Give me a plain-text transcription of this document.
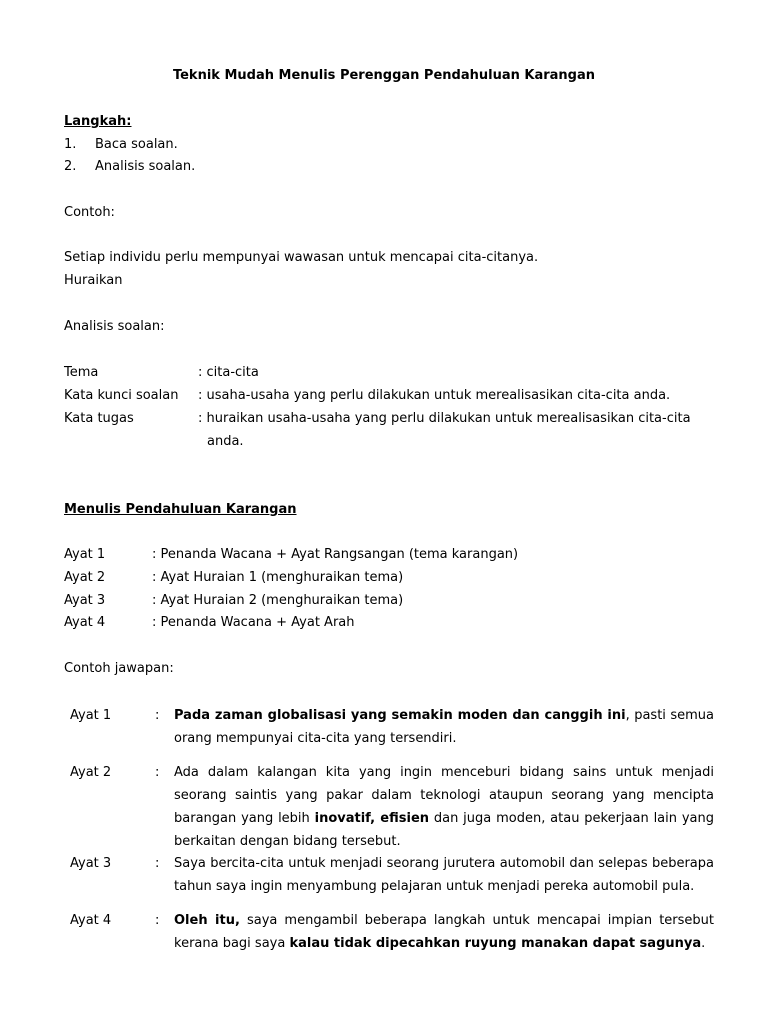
Teknik Mudah Menulis Perenggan Pendahuluan Karangan
Langkah:
1. Baca soalan.
2. Analisis soalan.
Contoh:
Setiap individu perlu mempunyai wawasan untuk mencapai cita-citanya.
Huraikan
Analisis soalan:
Tema	: cita-cita
Kata kunci soalan : usaha-usaha yang perlu dilakukan untuk merealisasikan cita-cita anda.
Kata tugas	: huraikan usaha-usaha yang perlu dilakukan untuk merealisasikan cita-cita
anda.
Menulis Pendahuluan Karangan
Ayat 1	: Penanda Wacana + Ayat Rangsangan (tema karangan)
Ayat 2	: Ayat Huraian 1 (menghuraikan tema)
Ayat 3	: Ayat Huraian 2 (menghuraikan tema)
Ayat 4	: Penanda Wacana + Ayat Arah
Contoh jawapan:
Ayat 1	: Pada zaman globalisasi yang semakin moden dan canggih ini, pasti semua orang mempunyai cita-cita yang tersendiri.
Ayat 2	: Ada dalam kalangan kita yang ingin menceburi bidang sains untuk menjadi seorang saintis yang pakar dalam teknologi ataupun seorang yang mencipta barangan yang lebih inovatif, efisien dan juga moden, atau pekerjaan lain yang berkaitan dengan bidang tersebut.
Ayat 3	: Saya bercita-cita untuk menjadi seorang jurutera automobil dan selepas beberapa tahun saya ingin menyambung pelajaran untuk menjadi pereka automobil pula.
Ayat 4	: Oleh itu, saya mengambil beberapa langkah untuk mencapai impian tersebut kerana bagi saya kalau tidak dipecahkan ruyung manakan dapat sagunya.
